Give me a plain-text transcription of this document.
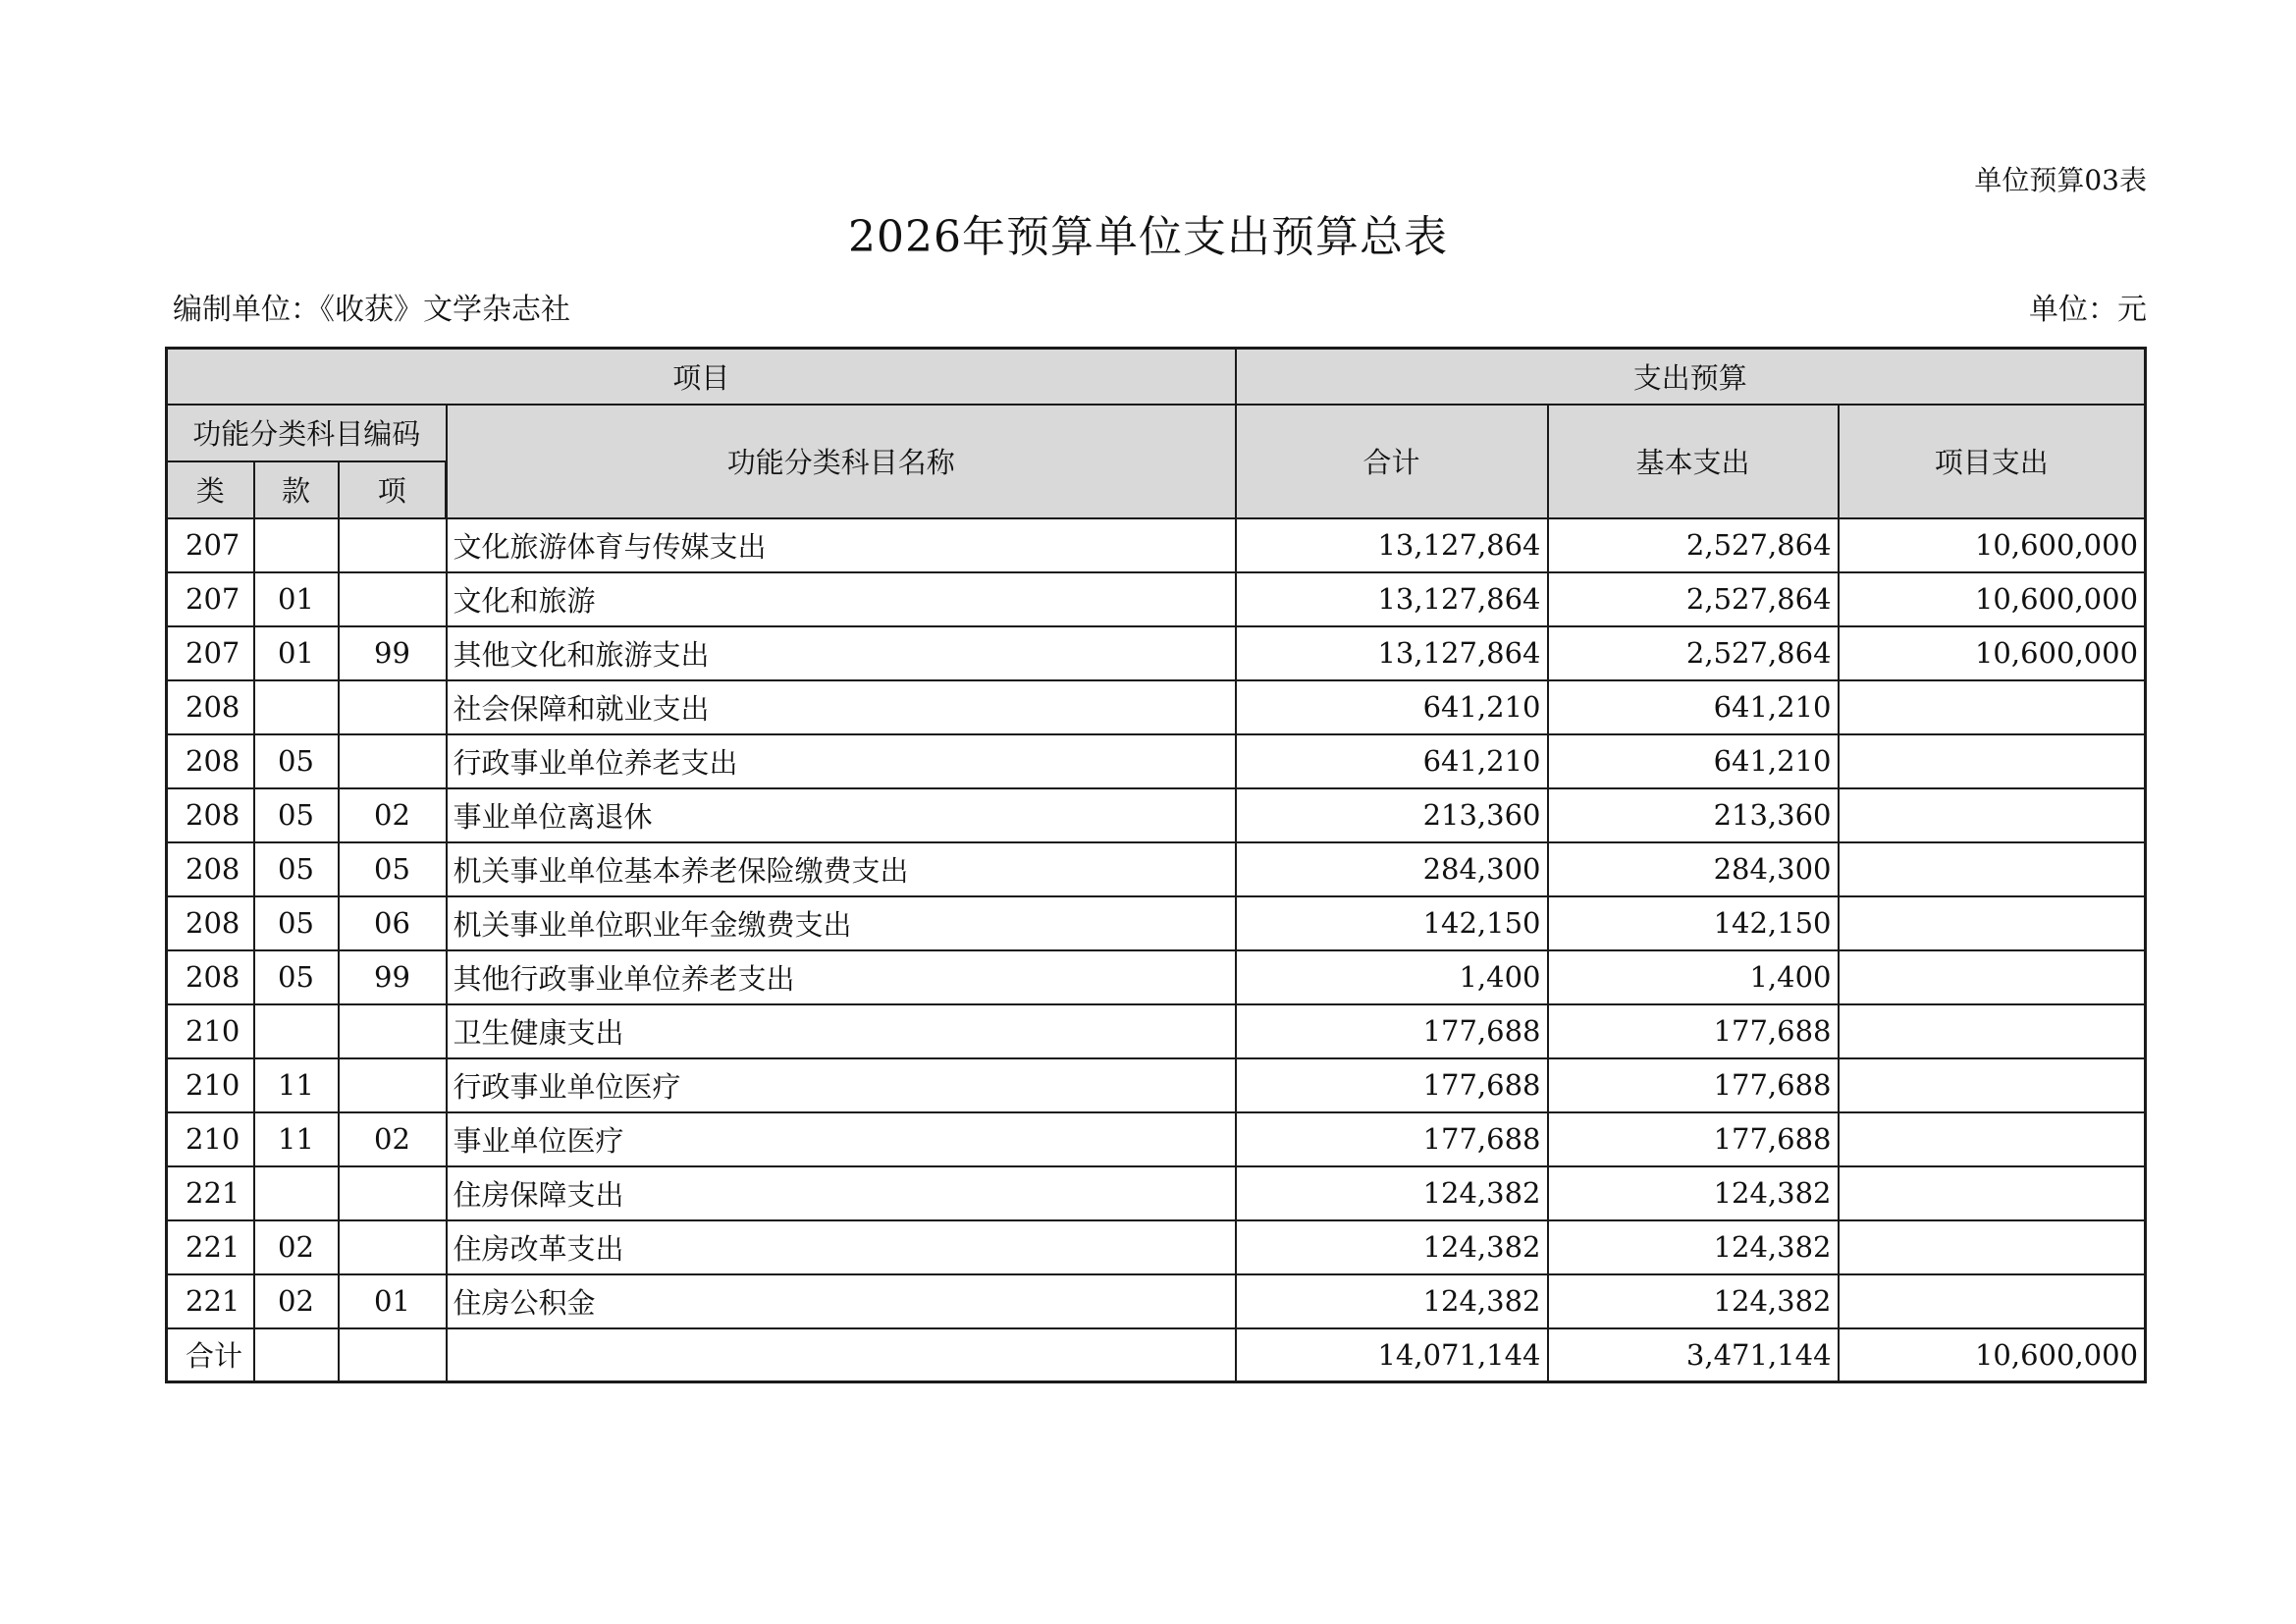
单位预算03表
2026年预算单位支出预算总表
编制单位：《收获》文学杂志社	单位：元
项目				支出预算		
功能分类科目编码			功能分类科目名称	合计	基本支出	项目支出
类	款	项				
207			文化旅游体育与传媒支出	13,127,864	2,527,864	10,600,000
207	01		文化和旅游	13,127,864	2,527,864	10,600,000
207	01	99	其他文化和旅游支出	13,127,864	2,527,864	10,600,000
208			社会保障和就业支出	641,210	641,210	
208	05		行政事业单位养老支出	641,210	641,210	
208	05	02	事业单位离退休	213,360	213,360	
208	05	05	机关事业单位基本养老保险缴费支出	284,300	284,300	
208	05	06	机关事业单位职业年金缴费支出	142,150	142,150	
208	05	99	其他行政事业单位养老支出	1,400	1,400	
210			卫生健康支出	177,688	177,688	
210	11		行政事业单位医疗	177,688	177,688	
210	11	02	事业单位医疗	177,688	177,688	
221			住房保障支出	124,382	124,382	
221	02		住房改革支出	124,382	124,382	
221	02	01	住房公积金	124,382	124,382	
合计				14,071,144	3,471,144	10,600,000
